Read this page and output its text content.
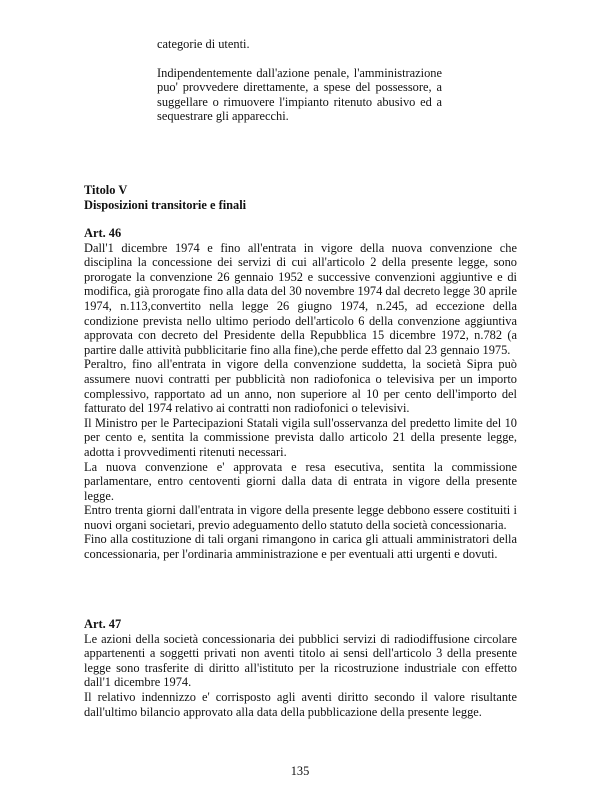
categorie di utenti.

Indipendentemente dall'azione penale, l'amministrazione puo' provvedere direttamente, a spese del possessore, a suggellare o rimuovere l'impianto ritenuto abusivo ed a sequestrare gli apparecchi.

Titolo V
Disposizioni transitorie e finali
Art. 46

Dall'1 dicembre 1974 e fino all'entrata in vigore della nuova convenzione che disciplina la concessione dei servizi di cui all'articolo 2 della presente legge, sono prorogate la convenzione 26 gennaio 1952 e successive convenzioni aggiuntive e di modifica, già prorogate fino alla data del 30 novembre 1974 dal decreto legge 30 aprile 1974, n.113,convertito nella legge 26 giugno 1974, n.245, ad eccezione della condizione prevista nello ultimo periodo dell'articolo 6 della convenzione aggiuntiva approvata con decreto del Presidente della Repubblica 15 dicembre 1972, n.782 (a partire dalle attività pubblicitarie fino alla fine),che perde effetto dal 23 gennaio 1975.

Peraltro, fino all'entrata in vigore della convenzione suddetta, la società Sipra può assumere nuovi contratti per pubblicità non radiofonica o televisiva per un importo complessivo, rapportato ad un anno, non superiore al 10 per cento dell'importo del fatturato del 1974 relativo ai contratti non radiofonici o televisivi.

Il Ministro per le Partecipazioni Statali vigila sull'osservanza del predetto limite del 10 per cento e, sentita la commissione prevista dallo articolo 21 della presente legge, adotta i provvedimenti ritenuti necessari.

La nuova convenzione e' approvata e resa esecutiva, sentita la commissione parlamentare, entro centoventi giorni dalla data di entrata in vigore della presente legge.

Entro trenta giorni dall'entrata in vigore della presente legge debbono essere costituiti i nuovi organi societari, previo adeguamento dello statuto della società concessionaria.

Fino alla costituzione di tali organi rimangono in carica gli attuali amministratori della concessionaria, per l'ordinaria amministrazione e per eventuali atti urgenti e dovuti.

Art. 47

Le azioni della società concessionaria dei pubblici servizi di radiodiffusione circolare appartenenti a soggetti privati non aventi titolo ai sensi dell'articolo 3 della presente legge sono trasferite di diritto all'istituto per la ricostruzione industriale con effetto dall'1 dicembre 1974.

Il relativo indennizzo e' corrisposto agli aventi diritto secondo il valore risultante dall'ultimo bilancio approvato alla data della pubblicazione della presente legge.

135
